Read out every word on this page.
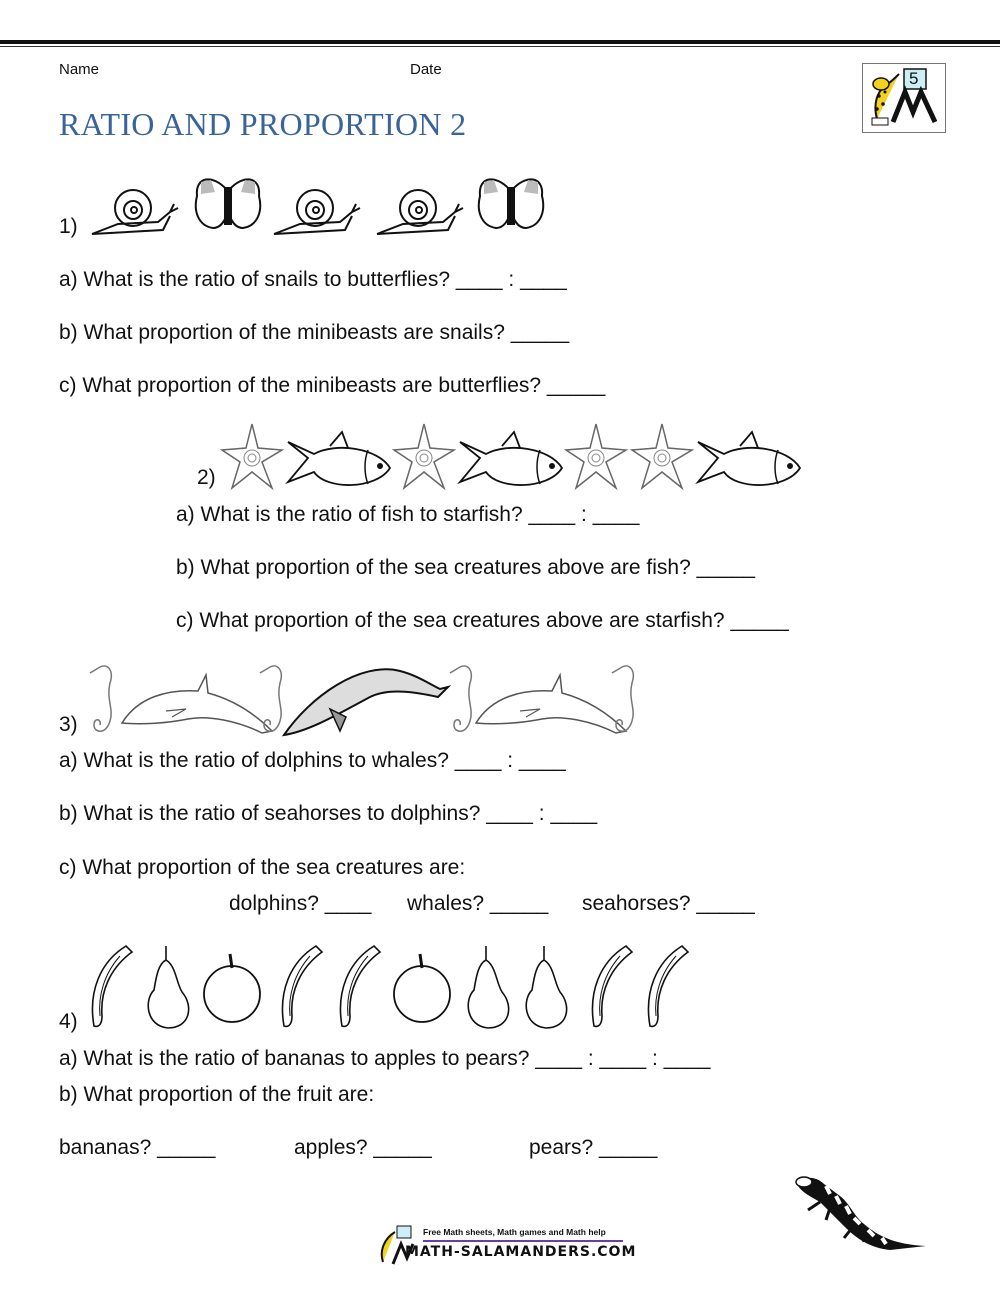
Name	Date
RATIO AND PROPORTION 2
5
1)
a) What is the ratio of snails to butterflies? ____ : ____
b) What proportion of the minibeasts are snails? _____
c) What proportion of the minibeasts are butterflies? _____
2)
a) What is the ratio of fish to starfish? ____ : ____
b) What proportion of the sea creatures above are fish? _____
c) What proportion of the sea creatures above are starfish? _____
3)
a) What is the ratio of dolphins to whales? ____ : ____
b) What is the ratio of seahorses to dolphins? ____ : ____
c) What proportion of the sea creatures are:
dolphins? ____ whales? _____ seahorses? _____
4)
a) What is the ratio of bananas to apples to pears? ____ : ____ : ____
b) What proportion of the fruit are:
bananas? _____	apples? _____	pears? _____
Free Math sheets, Math games and Math help
MATH-SALAMANDERS.COM
